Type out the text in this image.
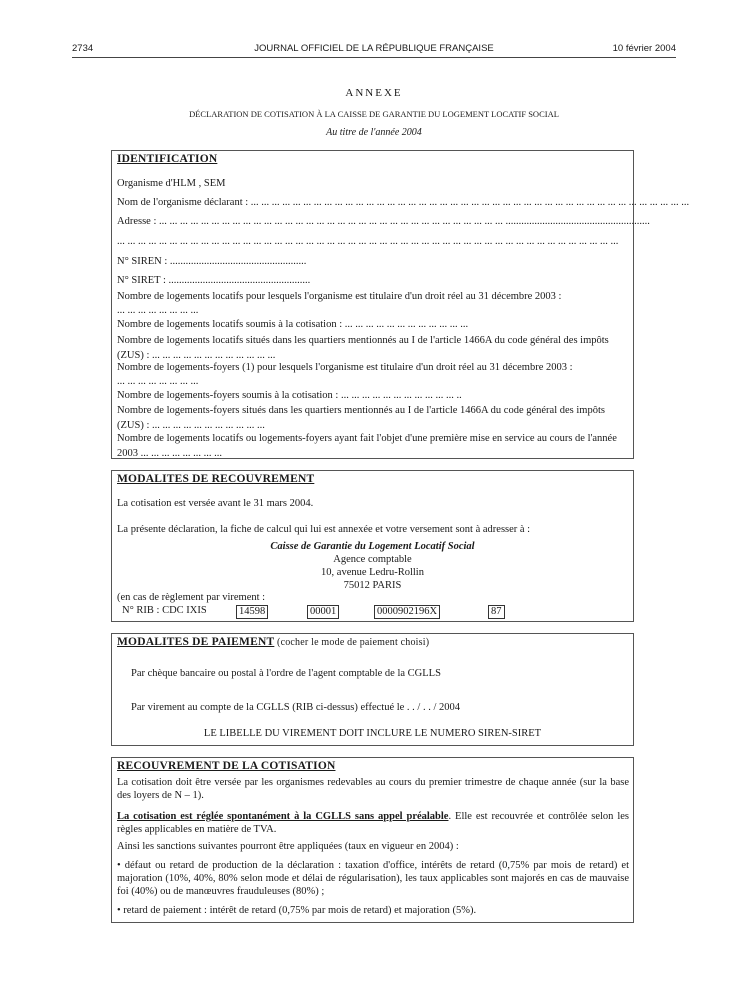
2734	JOURNAL OFFICIEL DE LA RÉPUBLIQUE FRANÇAISE	10 février 2004
ANNEXE
DÉCLARATION DE COTISATION À LA CAISSE DE GARANTIE DU LOGEMENT LOCATIF SOCIAL
Au titre de l'année 2004
IDENTIFICATION
Organisme d'HLM , SEM
Nom de l'organisme déclarant : ... ... ... ... ... ... ... ... ... ... ... ... ... ... ... ... ... ... ... ... ... ... ... ... ... ... ... ... ... ... ... ... ... ... ... ... ... ... ... ... ... ...
Adresse : ... ... ... ... ... ... ... ... ... ... ... ... ... ... ... ... ... ... ... ... ... ... ... ... ... ... ... ... ... ... ... ... ... .......................................................
... ... ... ... ... ... ... ... ... ... ... ... ... ... ... ... ... ... ... ... ... ... ... ... ... ... ... ... ... ... ... ... ... ... ... ... ... ... ... ... ... ... ... ... ... ... ... ...
N° SIREN : ....................................................
N° SIRET : ......................................................
Nombre de logements locatifs pour lesquels l'organisme est titulaire d'un droit réel au 31 décembre 2003 :
... ... ... ... ... ... ... ...
Nombre de logements locatifs soumis à la cotisation : ... ... ... ... ... ... ... ... ... ... ... ...
Nombre de logements locatifs situés dans les quartiers mentionnés au I de l'article 1466A du code général des impôts (ZUS) : ... ... ... ... ... ... ... ... ... ... ... ...
Nombre de logements-foyers (1) pour lesquels l'organisme est titulaire d'un droit réel au 31 décembre 2003 :
... ... ... ... ... ... ... ...
Nombre de logements-foyers soumis à la cotisation : ... ... ... ... ... ... ... ... ... ... ... ..
Nombre de logements-foyers situés dans les quartiers mentionnés au I de l'article 1466A du code général des impôts (ZUS) : ... ... ... ... ... ... ... ... ... ... ...
Nombre de logements locatifs ou logements-foyers ayant fait l'objet d'une première mise en service au cours de l'année 2003 ... ... ... ... ... ... ... ...
MODALITES DE RECOUVREMENT
La cotisation est versée avant le 31 mars 2004.
La présente déclaration, la fiche de calcul qui lui est annexée et votre versement sont à adresser à :
Caisse de Garantie du Logement Locatif Social
Agence comptable
10, avenue Ledru-Rollin
75012 PARIS
(en cas de règlement par virement :
N° RIB : CDC IXIS	14598	00001	0000902196X	87
MODALITES DE PAIEMENT (cocher le mode de paiement choisi)
Par chèque bancaire ou postal à l'ordre de l'agent comptable de la CGLLS
Par virement au compte de la CGLLS (RIB ci-dessus) effectué le . . / . . / 2004
LE LIBELLE DU VIREMENT DOIT INCLURE LE NUMERO SIREN-SIRET
RECOUVREMENT DE LA COTISATION
La cotisation doit être versée par les organismes redevables au cours du premier trimestre de chaque année (sur la base des loyers de N – 1).
La cotisation est réglée spontanément à la CGLLS sans appel préalable. Elle est recouvrée et contrôlée selon les règles applicables en matière de TVA.
Ainsi les sanctions suivantes pourront être appliquées (taux en vigueur en 2004) :
• défaut ou retard de production de la déclaration : taxation d'office, intérêts de retard (0,75% par mois de retard) et majoration (10%, 40%, 80% selon mode et délai de régularisation), les taux applicables sont majorés en cas de mauvaise foi (40%) ou de manœuvres frauduleuses (80%) ;
• retard de paiement : intérêt de retard (0,75% par mois de retard) et majoration (5%).
